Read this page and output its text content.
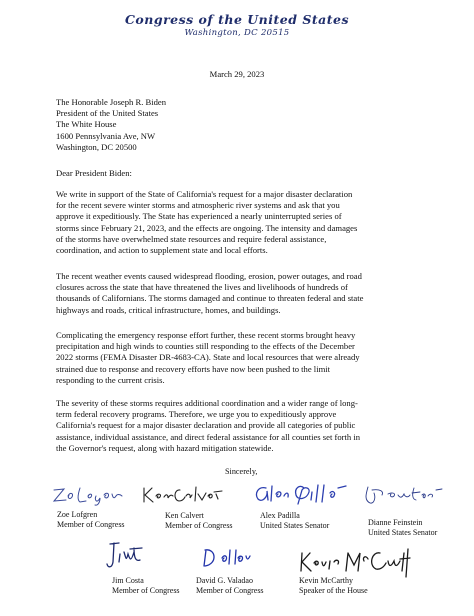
Congress of the United States
Washington, DC 20515
March 29, 2023
The Honorable Joseph R. Biden
President of the United States
The White House
1600 Pennsylvania Ave, NW
Washington, DC 20500
Dear President Biden:
We write in support of the State of California's request for a major disaster declaration
for the recent severe winter storms and atmospheric river systems and ask that you
approve it expeditiously. The State has experienced a nearly uninterrupted series of
storms since February 21, 2023, and the effects are ongoing. The intensity and damages
of the storms have overwhelmed state resources and require federal assistance,
coordination, and action to supplement state and local efforts.
The recent weather events caused widespread flooding, erosion, power outages, and road
closures across the state that have threatened the lives and livelihoods of hundreds of
thousands of Californians. The storms damaged and continue to threaten federal and state
highways and roads, critical infrastructure, homes, and buildings.
Complicating the emergency response effort further, these recent storms brought heavy
precipitation and high winds to counties still responding to the effects of the December
2022 storms (FEMA Disaster DR-4683-CA). State and local resources that were already
strained due to response and recovery efforts have now been pushed to the limit
responding to the current crisis.
The severity of these storms requires additional coordination and a wider range of long-
term federal recovery programs. Therefore, we urge you to expeditiously approve
California's request for a major disaster declaration and provide all categories of public
assistance, individual assistance, and direct federal assistance for all counties set forth in
the Governor's request, along with hazard mitigation statewide.
Sincerely,
Zoe Lofgren
Member of Congress
Ken Calvert
Member of Congress
Alex Padilla
United States Senator	Dianne Feinstein
United States Senator
Jim Costa
Member of Congress
David G. Valadao
Member of Congress
Kevin McCarthy
Speaker of the House
